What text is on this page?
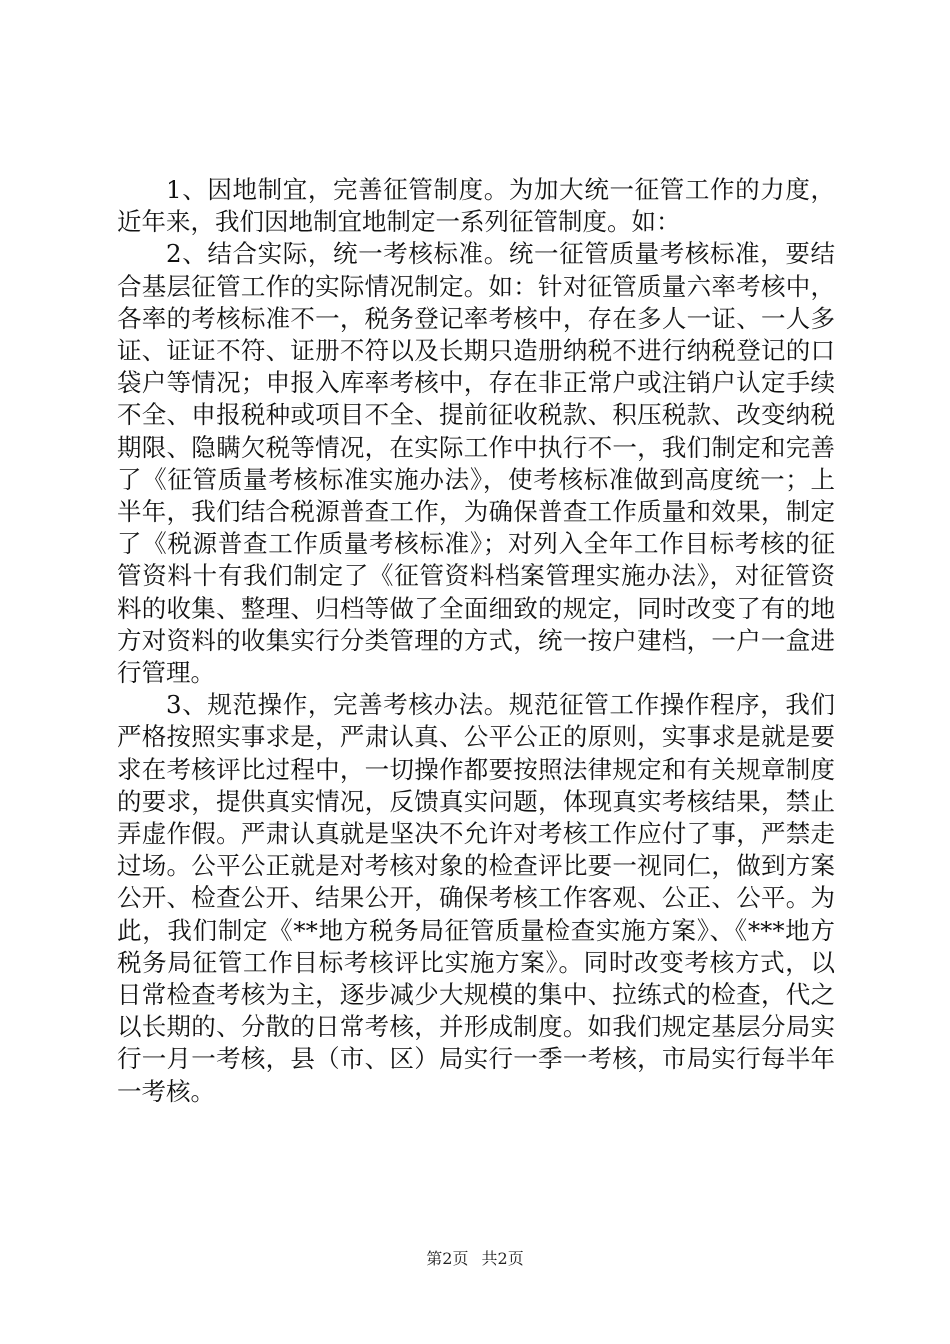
1、因地制宜，完善征管制度。为加大统一征管工作的力度，近年来，我们因地制宜地制定一系列征管制度。如：

2、结合实际，统一考核标准。统一征管质量考核标准，要结合基层征管工作的实际情况制定。如：针对征管质量六率考核中，各率的考核标准不一，税务登记率考核中，存在多人一证、一人多证、证证不符、证册不符以及长期只造册纳税不进行纳税登记的口袋户等情况；申报入库率考核中，存在非正常户或注销户认定手续不全、申报税种或项目不全、提前征收税款、积压税款、改变纳税期限、隐瞒欠税等情况，在实际工作中执行不一，我们制定和完善了《征管质量考核标准实施办法》，使考核标准做到高度统一；上半年，我们结合税源普查工作，为确保普查工作质量和效果，制定了《税源普查工作质量考核标准》；对列入全年工作目标考核的征管资料十有我们制定了《征管资料档案管理实施办法》，对征管资料的收集、整理、归档等做了全面细致的规定，同时改变了有的地方对资料的收集实行分类管理的方式，统一按户建档，一户一盒进行管理。

3、规范操作，完善考核办法。规范征管工作操作程序，我们严格按照实事求是，严肃认真、公平公正的原则，实事求是就是要求在考核评比过程中，一切操作都要按照法律规定和有关规章制度的要求，提供真实情况，反馈真实问题，体现真实考核结果，禁止弄虚作假。严肃认真就是坚决不允许对考核工作应付了事，严禁走过场。公平公正就是对考核对象的检查评比要一视同仁，做到方案公开、检查公开、结果公开，确保考核工作客观、公正、公平。为此，我们制定《**地方税务局征管质量检查实施方案》、《***地方税务局征管工作目标考核评比实施方案》。同时改变考核方式，以日常检查考核为主，逐步减少大规模的集中、拉练式的检查，代之以长期的、分散的日常考核，并形成制度。如我们规定基层分局实行一月一考核，县（市、区）局实行一季一考核，市局实行每半年一考核。

第2页 共2页
